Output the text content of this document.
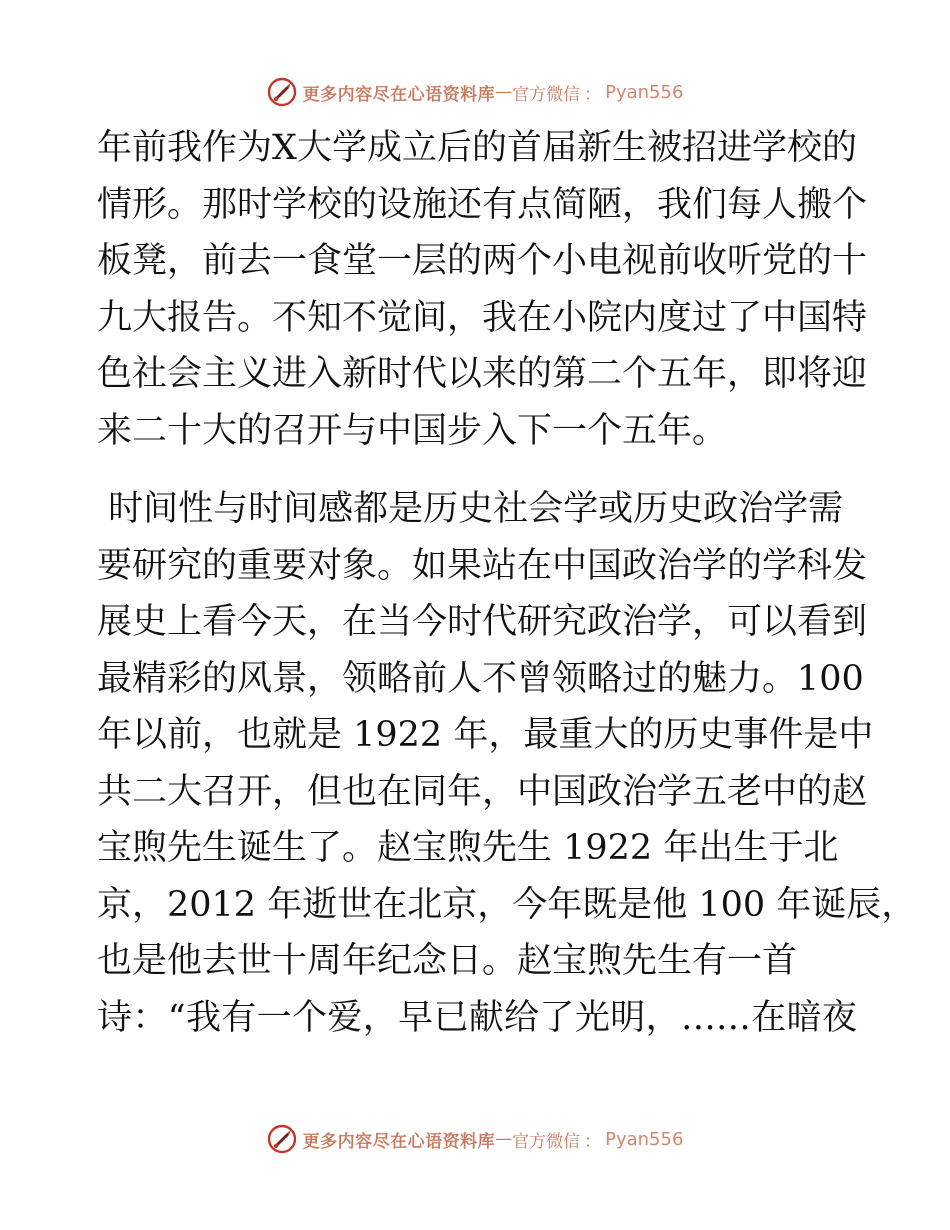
更多内容尽在心语资料库 — 官方微信 ： Pyan556
年前我作为X大学成立后的首届新生被招进学校的
情形。那时学校的设施还有点简陋，我们每人搬个
板凳，前去一食堂一层的两个小电视前收听党的十
九大报告。不知不觉间，我在小院内度过了中国特
色社会主义进入新时代以来的第二个五年，即将迎
来二十大的召开与中国步入下一个五年。
时间性与时间感都是历史社会学或历史政治学需
要研究的重要对象。如果站在中国政治学的学科发
展史上看今天，在当今时代研究政治学，可以看到
最精彩的风景，领略前人不曾领略过的魅力。100
年以前，也就是 1922 年，最重大的历史事件是中
共二大召开，但也在同年，中国政治学五老中的赵
宝煦先生诞生了。赵宝煦先生 1922 年出生于北
京，2012 年逝世在北京，今年既是他 100 年诞辰，
也是他去世十周年纪念日。赵宝煦先生有一首
诗：“我有一个爱，早已献给了光明，……在暗夜
更多内容尽在心语资料库 — 官方微信 ： Pyan556
